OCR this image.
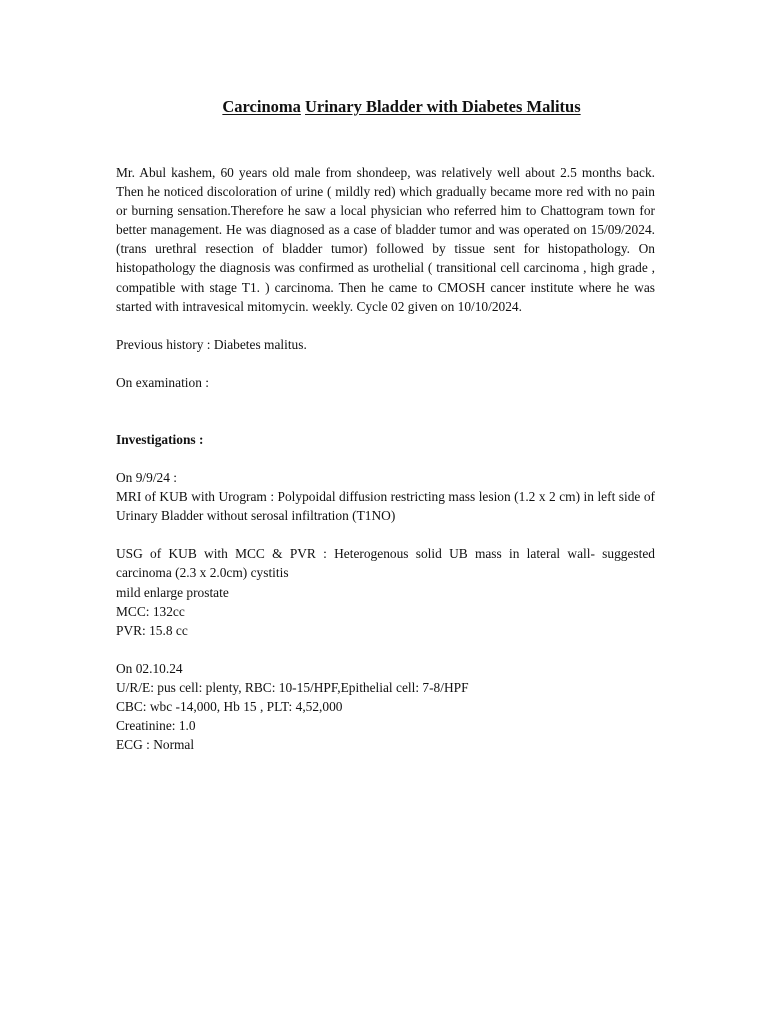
Carcinoma Urinary Bladder with Diabetes Malitus

Mr. Abul kashem, 60 years old male from shondeep, was relatively well about 2.5 months back. Then he noticed discoloration of urine ( mildly red) which gradually became more red with no pain or burning sensation.Therefore he saw a local physician who referred him to Chattogram town for better management. He was diagnosed as a case of bladder tumor and was operated on 15/09/2024. (trans urethral resection of bladder tumor) followed by tissue sent for histopathology. On histopathology the diagnosis was confirmed as urothelial ( transitional cell carcinoma , high grade , compatible with stage T1. ) carcinoma. Then he came to CMOSH cancer institute where he was started with intravesical mitomycin. weekly. Cycle 02 given on 10/10/2024.

Previous history : Diabetes malitus.

On examination :

Investigations :

On 9/9/24 :

MRI of KUB with Urogram : Polypoidal diffusion restricting mass lesion (1.2 x 2 cm) in left side of Urinary Bladder without serosal infiltration (T1NO)

USG of KUB with MCC & PVR : Heterogenous solid UB mass in lateral wall- suggested carcinoma (2.3 x 2.0cm) cystitis

mild enlarge prostate

MCC: 132cc

PVR: 15.8 cc

On 02.10.24

U/R/E: pus cell: plenty, RBC: 10-15/HPF,Epithelial cell: 7-8/HPF

CBC: wbc -14,000, Hb 15 , PLT: 4,52,000

Creatinine: 1.0

ECG : Normal
